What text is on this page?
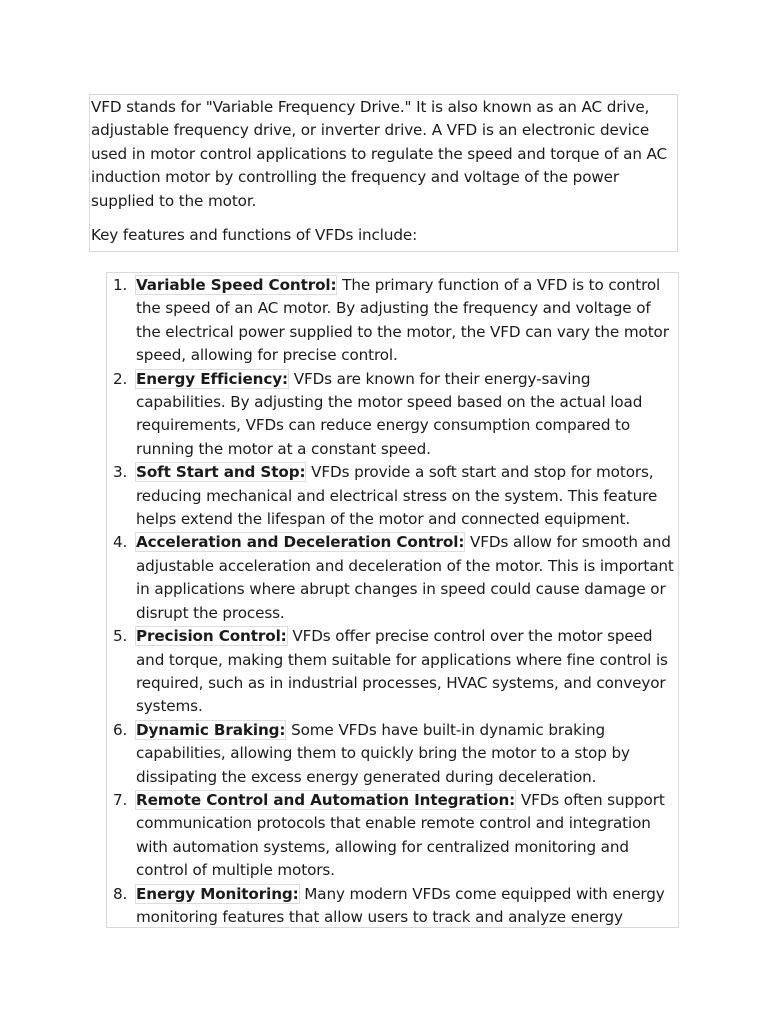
VFD stands for "Variable Frequency Drive." It is also known as an AC drive, adjustable frequency drive, or inverter drive. A VFD is an electronic device used in motor control applications to regulate the speed and torque of an AC induction motor by controlling the frequency and voltage of the power supplied to the motor.

Key features and functions of VFDs include:

1. Variable Speed Control: The primary function of a VFD is to control the speed of an AC motor. By adjusting the frequency and voltage of the electrical power supplied to the motor, the VFD can vary the motor speed, allowing for precise control.
2. Energy Efficiency: VFDs are known for their energy-saving capabilities. By adjusting the motor speed based on the actual load requirements, VFDs can reduce energy consumption compared to running the motor at a constant speed.
3. Soft Start and Stop: VFDs provide a soft start and stop for motors, reducing mechanical and electrical stress on the system. This feature helps extend the lifespan of the motor and connected equipment.
4. Acceleration and Deceleration Control: VFDs allow for smooth and adjustable acceleration and deceleration of the motor. This is important in applications where abrupt changes in speed could cause damage or disrupt the process.
5. Precision Control: VFDs offer precise control over the motor speed and torque, making them suitable for applications where fine control is required, such as in industrial processes, HVAC systems, and conveyor systems.
6. Dynamic Braking: Some VFDs have built-in dynamic braking capabilities, allowing them to quickly bring the motor to a stop by dissipating the excess energy generated during deceleration.
7. Remote Control and Automation Integration: VFDs often support communication protocols that enable remote control and integration with automation systems, allowing for centralized monitoring and control of multiple motors.
8. Energy Monitoring: Many modern VFDs come equipped with energy monitoring features that allow users to track and analyze energy
